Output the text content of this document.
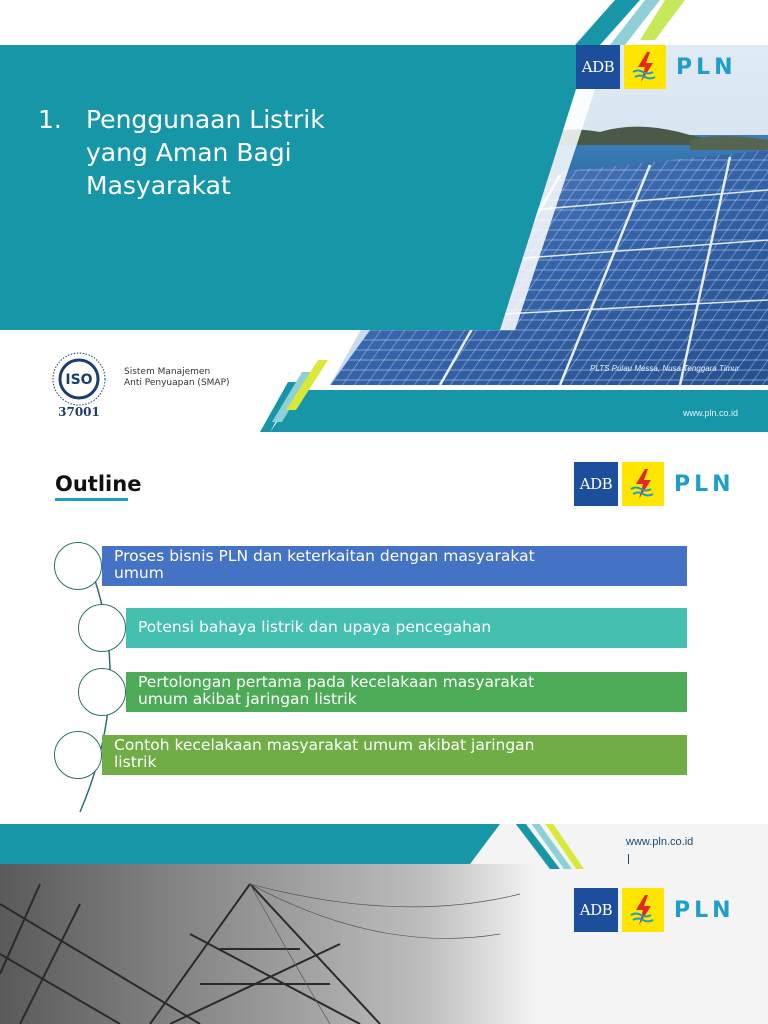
ADB	PLN
1. Penggunaan Listrik
yang Aman Bagi
Masyarakat
ISO
37001
Sistem Manajemen
Anti Penyuapan (SMAP)
PLTS Pulau Messa, Nusa Tenggara Timur
www.pln.co.id
Outline	ADB	PLN
Proses bisnis PLN dan keterkaitan dengan masyarakat
umum
Potensi bahaya listrik dan upaya pencegahan
Pertolongan pertama pada kecelakaan masyarakat
umum akibat jaringan listrik
Contoh kecelakaan masyarakat umum akibat jaringan
listrik
www.pln.co.id
ADB	PLN
